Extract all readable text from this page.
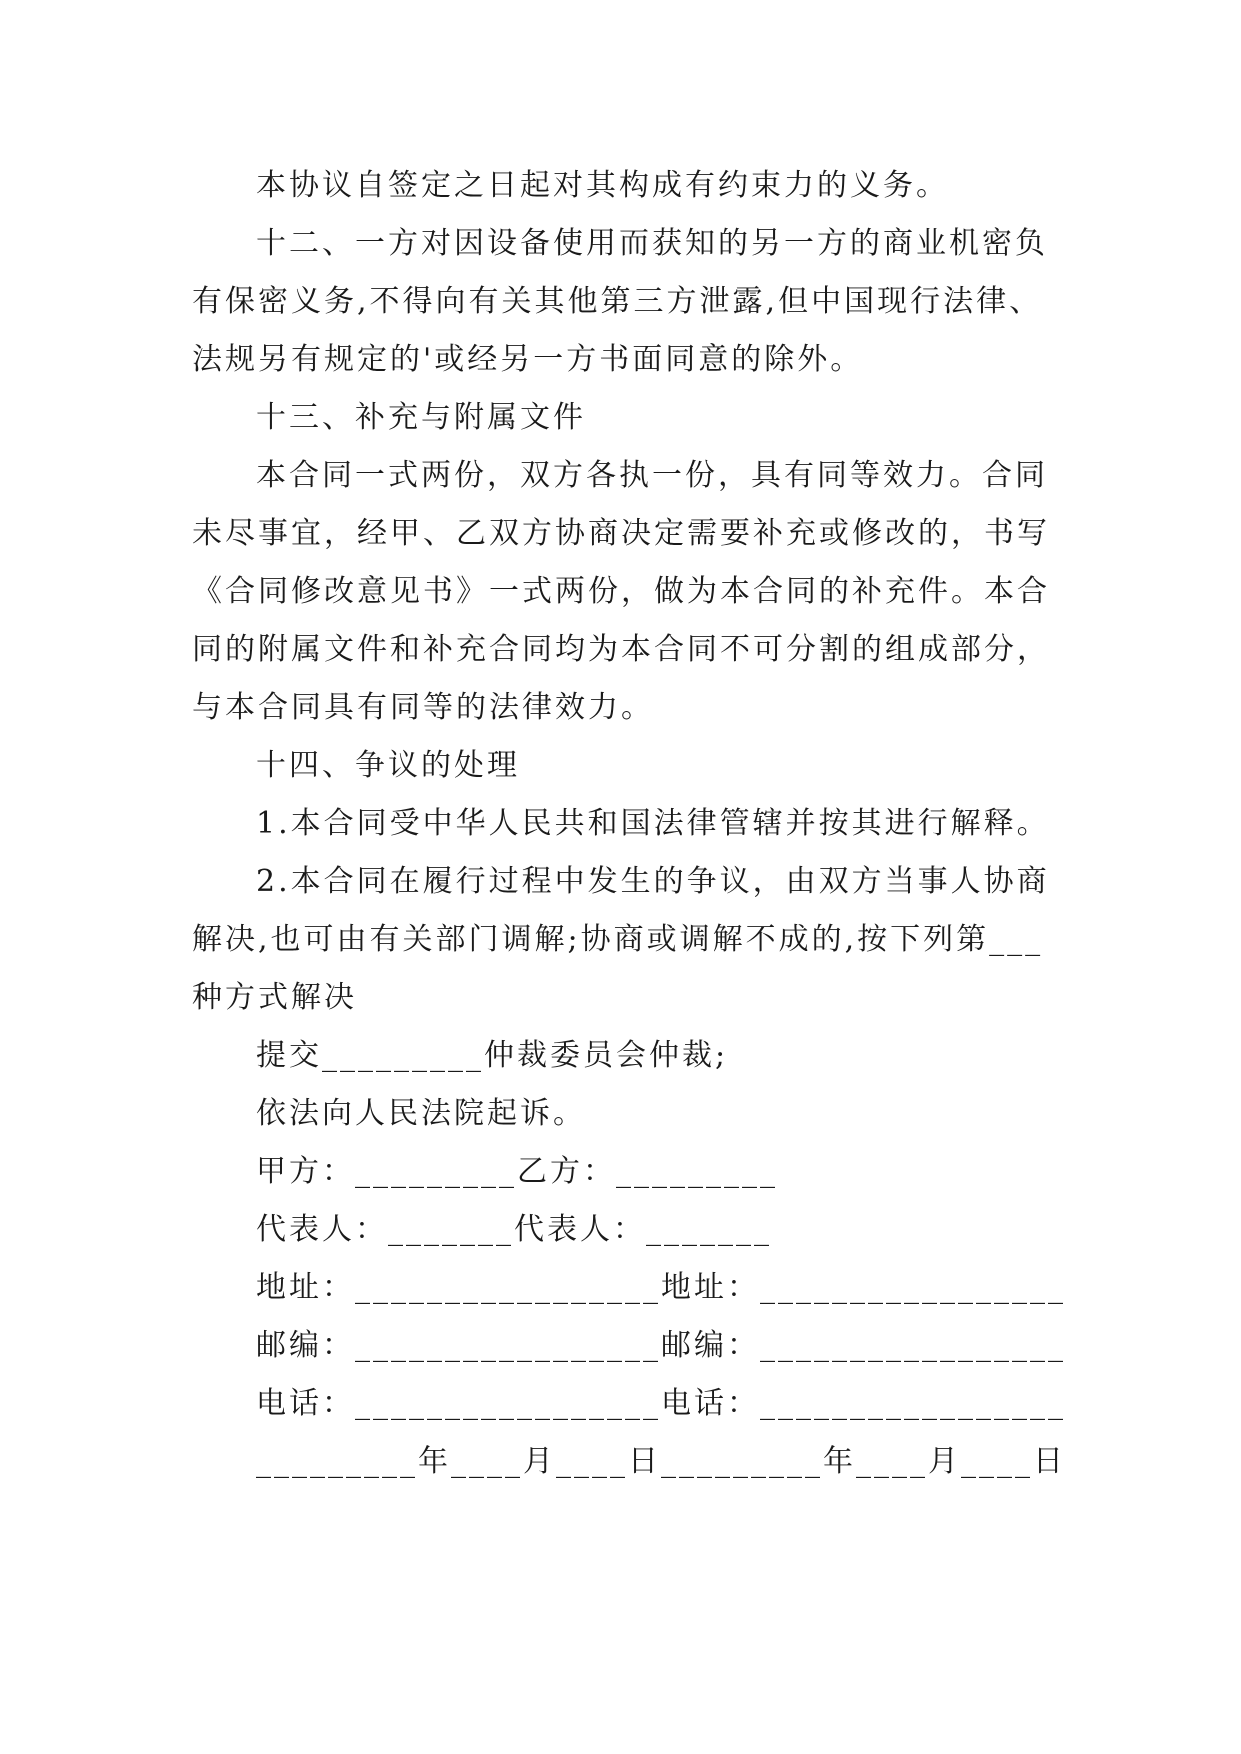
本协议自签定之日起对其构成有约束力的义务。
十二、一方对因设备使用而获知的另一方的商业机密负
有保密义务,不得向有关其他第三方泄露,但中国现行法律、
法规另有规定的'或经另一方书面同意的除外。
十三、补充与附属文件
本合同一式两份，双方各执一份，具有同等效力。合同
未尽事宜，经甲、乙双方协商决定需要补充或修改的，书写
《合同修改意见书》一式两份，做为本合同的补充件。本合
同的附属文件和补充合同均为本合同不可分割的组成部分，
与本合同具有同等的法律效力。
十四、争议的处理
1.本合同受中华人民共和国法律管辖并按其进行解释。
2.本合同在履行过程中发生的争议，由双方当事人协商
解决,也可由有关部门调解;协商或调解不成的,按下列第___
种方式解决
提交_________仲裁委员会仲裁;
依法向人民法院起诉。
甲方：_________乙方：_________
代表人：_______代表人：_______
地址：_________________地址：_________________
邮编：_________________邮编：_________________
电话：_________________电话：_________________
_________年____月____日_________年____月____日
